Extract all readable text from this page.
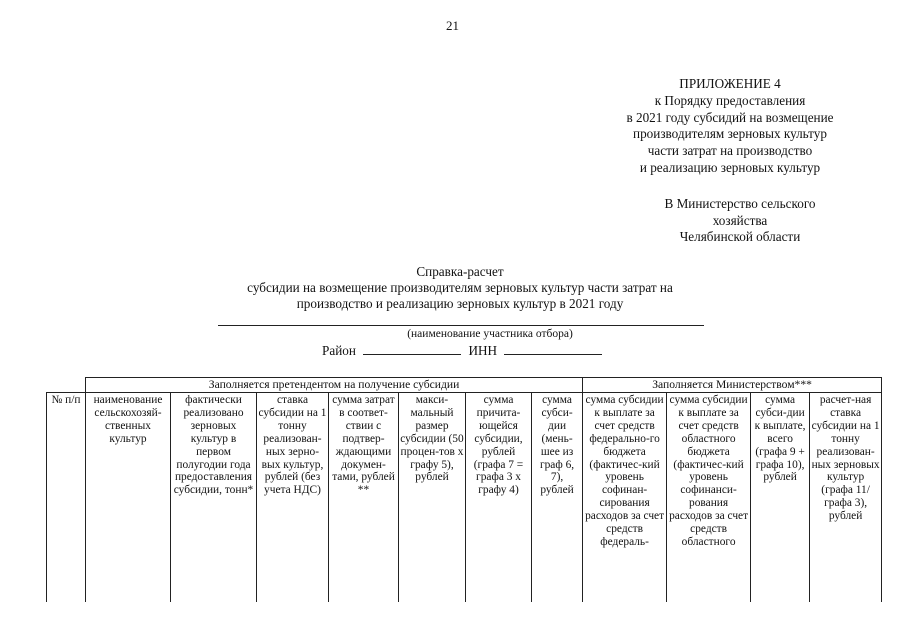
21
ПРИЛОЖЕНИЕ 4
к Порядку предоставления
в 2021 году субсидий на возмещение
производителям зерновых культур
части затрат на производство
и реализацию зерновых культур
В Министерство сельского
хозяйства
Челябинской области
Справка-расчет
субсидии на возмещение производителям зерновых культур части затрат на
производство и реализацию зерновых культур в 2021 году
(наименование участника отбора)
Район	ИНН
	Заполняется претендентом на получение субсидии							Заполняется Министерством***			
№ п/п	наименование сельскохозяй-ственных культур	фактически реализовано зерновых культур в первом полугодии года предоставления субсидии, тонн*	ставка субсидии на 1 тонну реализован-ных зерно-вых культур, рублей (без учета НДС)	сумма затрат в соответ-ствии с подтвер-ждающими докумен-тами, рублей **	макси-мальный размер субсидии (50 процен-тов х графу 5), рублей	сумма причита-ющейся субсидии, рублей (графа 7 = графа 3 х графу 4)	сумма субси-дии (мень-шее из граф 6, 7), рублей	сумма субсидии к выплате за счет средств федерально-го бюджета (фактичес-кий уровень софинан-сирования расходов за счет средств федераль-	сумма субсидии к выплате за счет средств областного бюджета (фактичес-кий уровень софинанси-рования расходов за счет средств областного	сумма субси-дии к выплате, всего (графа 9 + графа 10), рублей	расчет-ная ставка субсидии на 1 тонну реализован-ных зерновых культур (графа 11/ графа 3), рублей
